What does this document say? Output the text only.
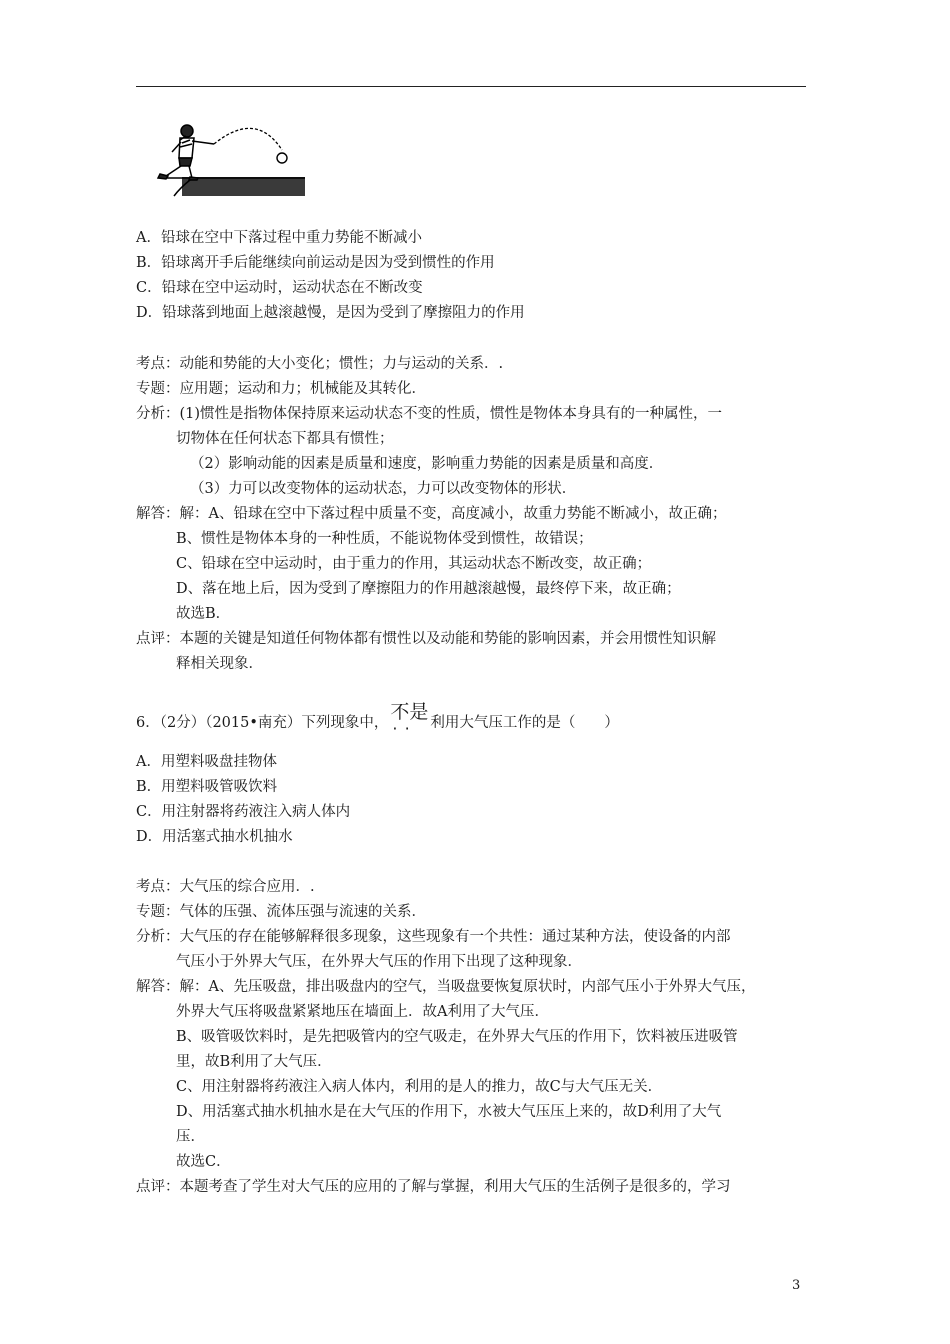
A．铅球在空中下落过程中重力势能不断减小
B．铅球离开手后能继续向前运动是因为受到惯性的作用
C．铅球在空中运动时，运动状态在不断改变
D．铅球落到地面上越滚越慢，是因为受到了摩擦阻力的作用
考点：动能和势能的大小变化；惯性；力与运动的关系．.
专题：应用题；运动和力；机械能及其转化．
分析：(1)惯性是指物体保持原来运动状态不变的性质，惯性是物体本身具有的一种属性，一
切物体在任何状态下都具有惯性；
（2）影响动能的因素是质量和速度，影响重力势能的因素是质量和高度．
（3）力可以改变物体的运动状态，力可以改变物体的形状．
解答：解：A、铅球在空中下落过程中质量不变，高度减小，故重力势能不断减小，故正确；
B、惯性是物体本身的一种性质，不能说物体受到惯性，故错误；
C、铅球在空中运动时，由于重力的作用，其运动状态不断改变，故正确；
D、落在地上后，因为受到了摩擦阻力的作用越滚越慢，最终停下来，故正确；
故选B．
点评：本题的关键是知道任何物体都有惯性以及动能和势能的影响因素，并会用惯性知识解
释相关现象．
6．（2分）（2015•南充）下列现象中， 不是 · · 利用大气压工作的是（　　）
A．用塑料吸盘挂物体
B．用塑料吸管吸饮料
C．用注射器将药液注入病人体内
D．用活塞式抽水机抽水
考点：大气压的综合应用．.
专题：气体的压强、流体压强与流速的关系．
分析：大气压的存在能够解释很多现象，这些现象有一个共性：通过某种方法，使设备的内部
气压小于外界大气压，在外界大气压的作用下出现了这种现象．
解答：解：A、先压吸盘，排出吸盘内的空气，当吸盘要恢复原状时，内部气压小于外界大气压，
外界大气压将吸盘紧紧地压在墙面上．故A利用了大气压．
B、吸管吸饮料时，是先把吸管内的空气吸走，在外界大气压的作用下，饮料被压进吸管
里，故B利用了大气压．
C、用注射器将药液注入病人体内，利用的是人的推力，故C与大气压无关．
D、用活塞式抽水机抽水是在大气压的作用下，水被大气压压上来的，故D利用了大气
压．
故选C．
点评：本题考查了学生对大气压的应用的了解与掌握，利用大气压的生活例子是很多的，学习
3
